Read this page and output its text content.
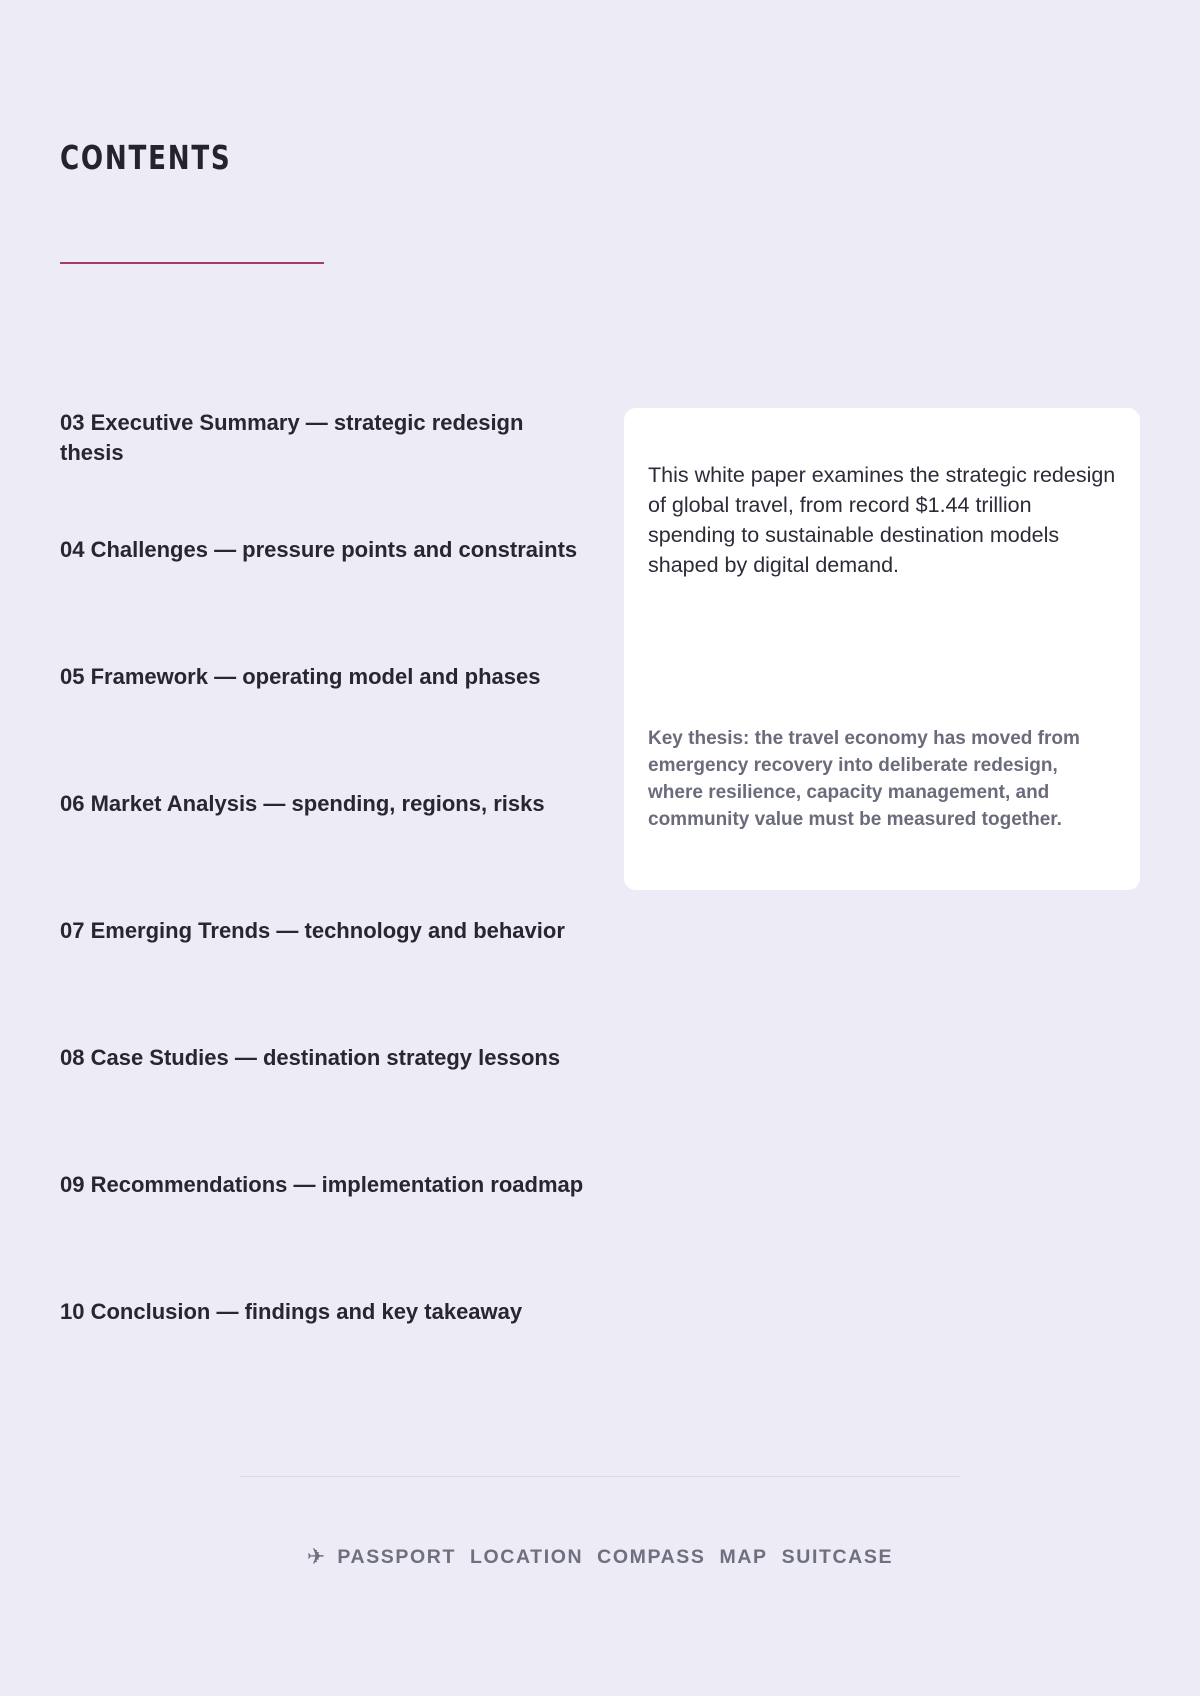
CONTENTS
03 Executive Summary — strategic redesign thesis
04 Challenges — pressure points and constraints
05 Framework — operating model and phases
06 Market Analysis — spending, regions, risks
07 Emerging Trends — technology and behavior
08 Case Studies — destination strategy lessons
09 Recommendations — implementation roadmap
10 Conclusion — findings and key takeaway

This white paper examines the strategic redesign of global travel, from record $1.44 trillion spending to sustainable destination models shaped by digital demand.

Key thesis: the travel economy has moved from emergency recovery into deliberate redesign, where resilience, capacity management, and community value must be measured together.

✈ PASSPORT LOCATION COMPASS MAP SUITCASE
